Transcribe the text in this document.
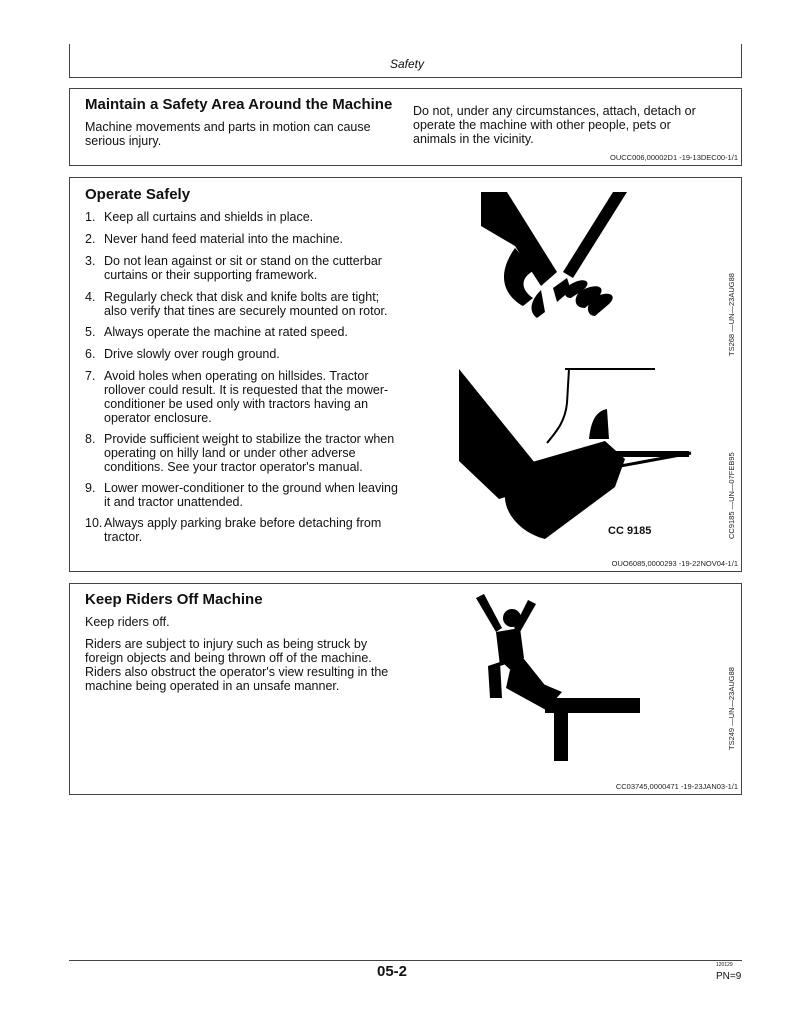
Safety
Maintain a Safety Area Around the Machine
Machine movements and parts in motion can cause serious injury.
Do not, under any circumstances, attach, detach or operate the machine with other people, pets or animals in the vicinity.
OUCC006,00002D1 -19-13DEC00-1/1
Operate Safely
1. Keep all curtains and shields in place.
2. Never hand feed material into the machine.
3. Do not lean against or sit or stand on the cutterbar curtains or their supporting framework.
4. Regularly check that disk and knife bolts are tight; also verify that tines are securely mounted on rotor.
5. Always operate the machine at rated speed.
6. Drive slowly over rough ground.
7. Avoid holes when operating on hillsides. Tractor rollover could result. It is requested that the mower-conditioner be used only with tractors having an operator enclosure.
8. Provide sufficient weight to stabilize the tractor when operating on hilly land or under other adverse conditions. See your tractor operator's manual.
9. Lower mower-conditioner to the ground when leaving it and tractor unattended.
10. Always apply parking brake before detaching from tractor.
TS268 —UN—23AUG88
CC 9185	CC9185 —UN—07FEB95
OUO6085,0000293 -19-22NOV04-1/1
Keep Riders Off Machine
Keep riders off.
Riders are subject to injury such as being struck by foreign objects and being thrown off of the machine. Riders also obstruct the operator's view resulting in the machine being operated in an unsafe manner.	TS249 —UN—23AUG88
CC03745,0000471 -19-23JAN03-1/1
05-2	120129
PN=9
